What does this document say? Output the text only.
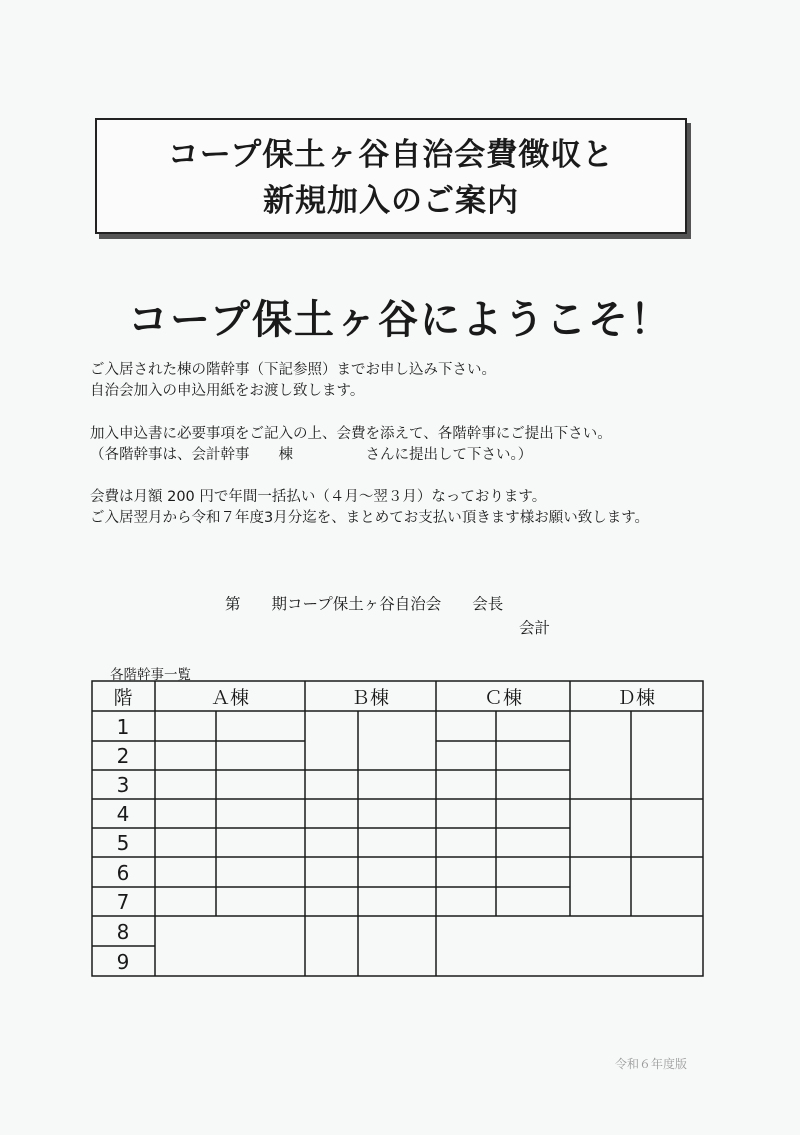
コープ保土ヶ谷自治会費徴収と
新規加入のご案内
コープ保土ヶ谷にようこそ！
ご入居された棟の階幹事（下記参照）までお申し込み下さい。
自治会加入の申込用紙をお渡し致します。
加入申込書に必要事項をご記入の上、会費を添えて、各階幹事にご提出下さい。
（各階幹事は、会計幹事　　棟　　　　　さんに提出して下さい。）
会費は月額 200 円で年間一括払い（４月～翌３月）なっております。
ご入居翌月から令和７年度3月分迄を、まとめてお支払い頂きます様お願い致します。
第　　期コープ保土ヶ谷自治会　　会長
会計
各階幹事一覧
階	Ａ棟	Ｂ棟	Ｃ棟	Ｄ棟
1
2
3
4
5
6
7
8
9
令和６年度版
